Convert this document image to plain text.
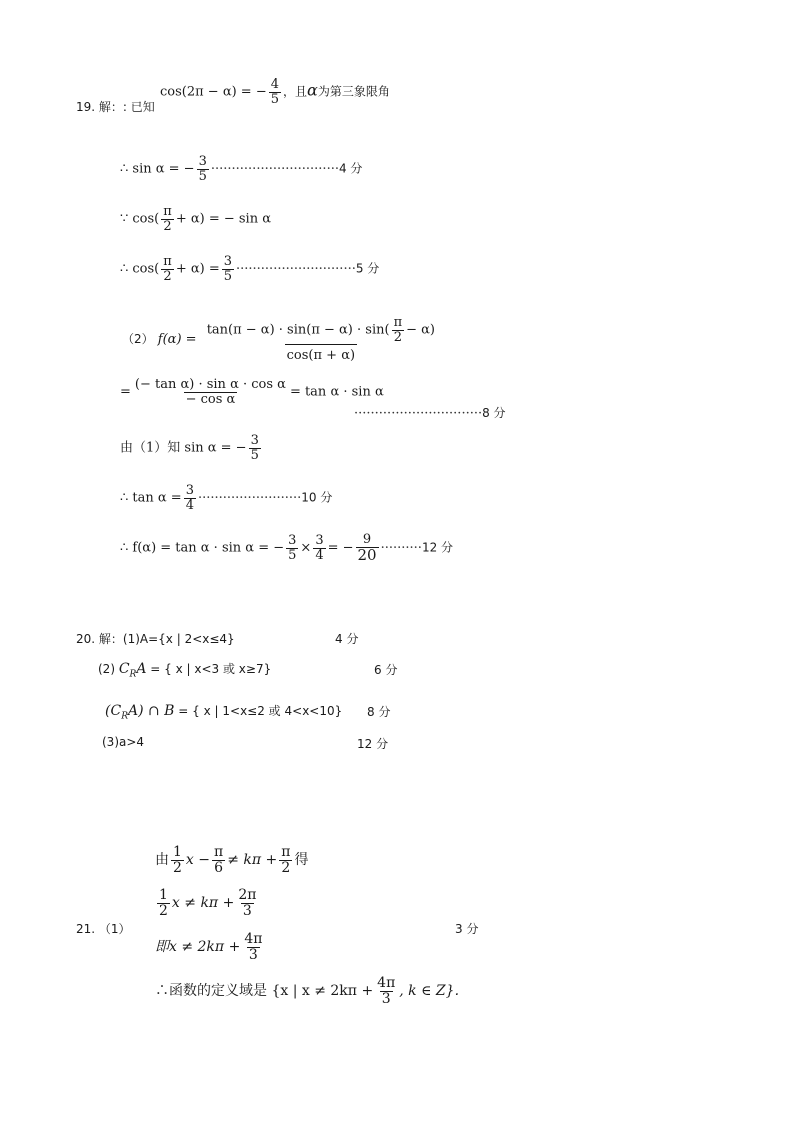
19. 解：: 已知
cos(2π − α) = − $\frac{4}{5}$ ，且α为第三象限角
∴ sin α = − $\frac{3}{5} \cdot\cdot\cdot\cdot\cdot\cdot\cdot\cdot\cdot\cdot\cdot\cdot\cdot\cdot\cdot\cdot\cdot\cdot\cdot\cdot\cdot\cdot\cdot\cdot\cdot\cdot\cdot\cdot\cdot\cdot\cdot 4$ 分
∵ $\cos( \frac{\pi}{2} + \alpha)$ = − sin α
∴ $\cos( \frac{\pi}{2} + \alpha) = \frac{3}{5} \cdot\cdot\cdot\cdot\cdot\cdot\cdot\cdot\cdot\cdot\cdot\cdot\cdot\cdot\cdot\cdot\cdot\cdot\cdot\cdot\cdot\cdot\cdot\cdot\cdot\cdot\cdot\cdot\cdot 5$ 分
（2） $f(\alpha) = \frac{\tan(\pi - \alpha) \cdot \sin(\pi - \alpha) \cdot \sin( \frac{\pi}{2} - \alpha)}{\cos(\pi + \alpha)}$
= $\frac{\text{(− tan α) · sin α · cos α}}{\text{− cos α}} = \tan \alpha \cdot \sin \alpha$
·······························8 分
由（1）知 sin α = − $\frac{3}{5}$
∴ $\tan \alpha = \frac{3}{4} \cdot\cdot\cdot\cdot\cdot\cdot\cdot\cdot\cdot\cdot\cdot\cdot\cdot\cdot\cdot\cdot\cdot\cdot\cdot\cdot\cdot\cdot\cdot\cdot\cdot 10$ 分
∴ f(α) = tan α · sin α = − $\frac{3}{5} \times \frac{3}{4}$ = − $\frac{9}{20} \cdot\cdot\cdot\cdot\cdot\cdot\cdot\cdot\cdot\cdot 12$ 分
20. 解：(1)A={x | 2<x≤4}	4 分
(2) $C_RA$ = { x | x<3 或 x≥7}	6 分
$(C_RA)$ ∩ B = { x | 1<x≤2 或 4<x<10} 8 分
(3)a>4	12 分
21. （1）	3 分
由 $\frac{1}{2}$ $x - \frac{\pi}{6} \ne k\pi + \frac{\pi}{2}$ 得
$\frac{1}{2}$ $x \ne k\pi + \frac{2\pi}{3}$
即$x \ne 2k\pi + \frac{4\pi}{3}$
∴函数的定义域是 {x | $x \ne 2k\pi + \frac{4\pi}{3}$ , k ∈ Z}.
